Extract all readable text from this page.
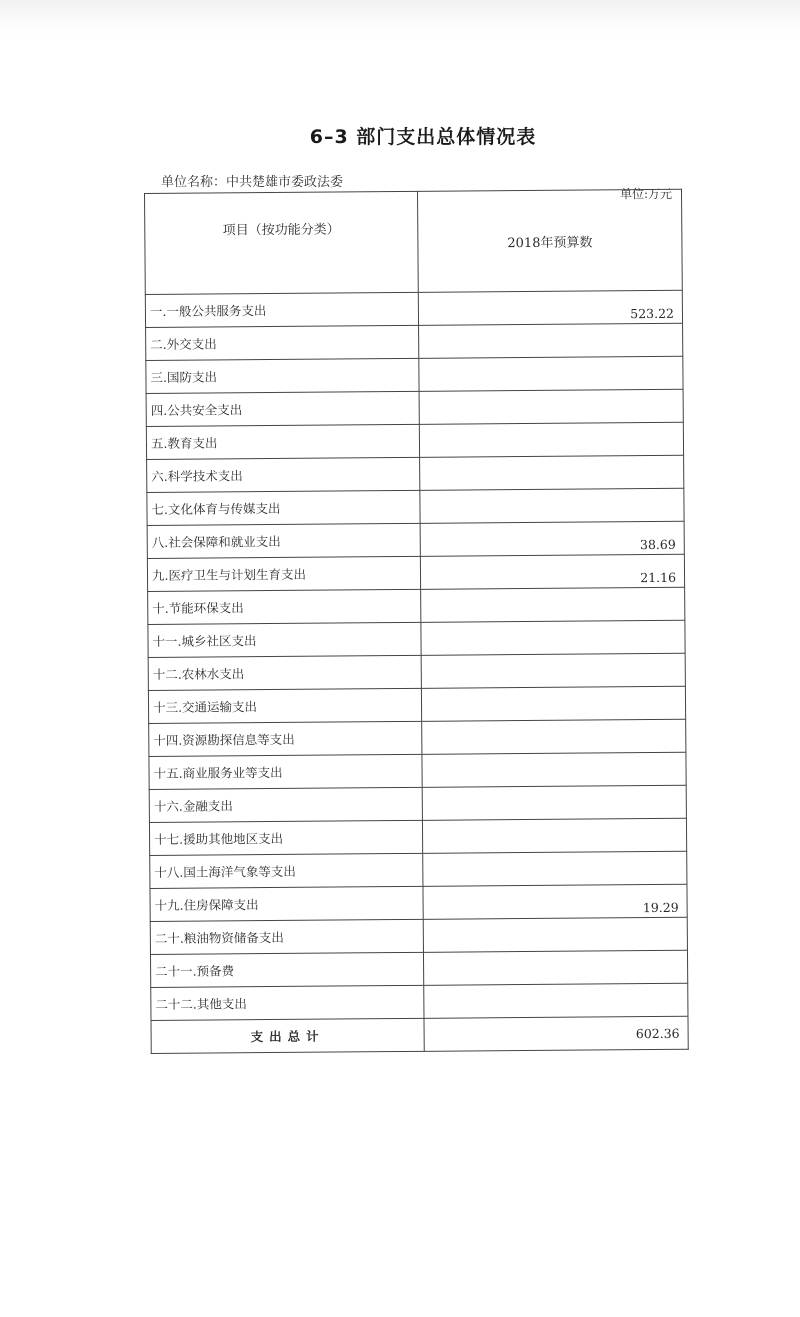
6–3 部门支出总体情况表
单位名称：中共楚雄市委政法委
单位:万元
项目（按功能分类）	2018年预算数
一.一般公共服务支出	523.22
二.外交支出	
三.国防支出	
四.公共安全支出	
五.教育支出	
六.科学技术支出	
七.文化体育与传媒支出	
八.社会保障和就业支出	38.69
九.医疗卫生与计划生育支出	21.16
十.节能环保支出	
十一.城乡社区支出	
十二.农林水支出	
十三.交通运输支出	
十四.资源勘探信息等支出	
十五.商业服务业等支出	
十六.金融支出	
十七.援助其他地区支出	
十八.国土海洋气象等支出	
十九.住房保障支出	19.29
二十.粮油物资储备支出	
二十一.预备费	
二十二.其他支出	
支出总计	602.36
